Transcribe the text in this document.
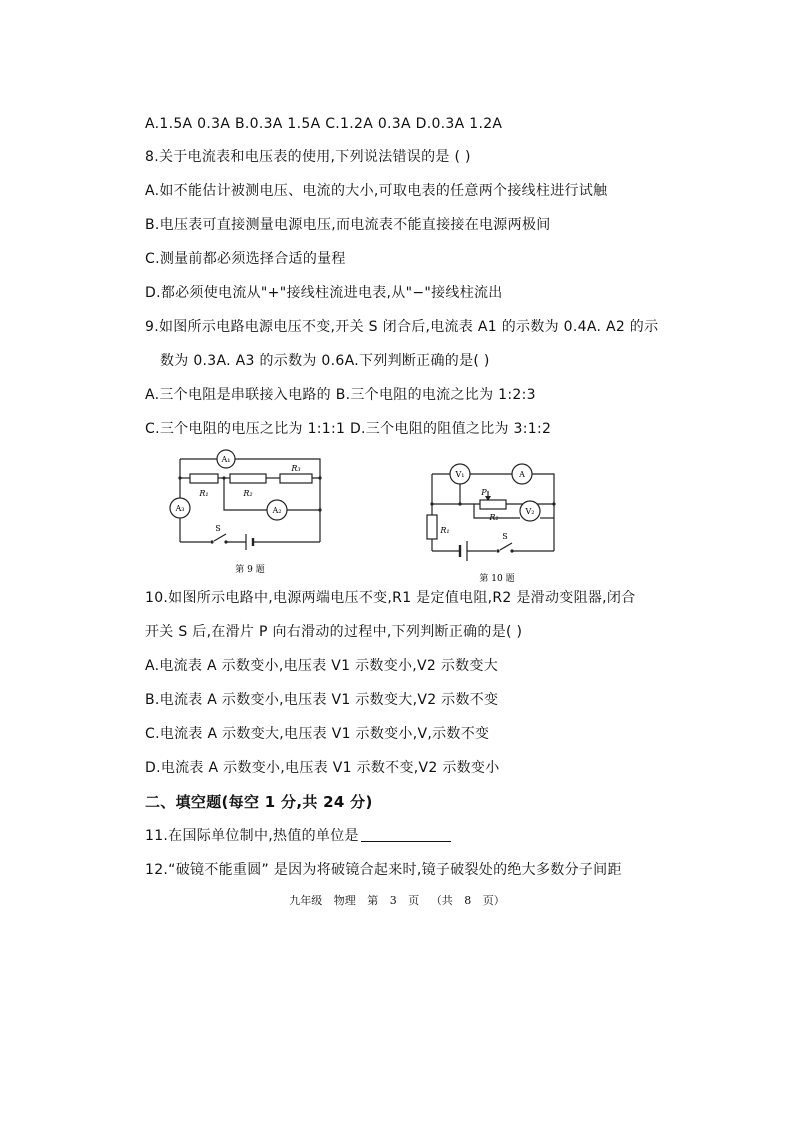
A.1.5A 0.3A B.0.3A 1.5A C.1.2A 0.3A D.0.3A 1.2A
8.关于电流表和电压表的使用,下列说法错误的是 ( )
A.如不能估计被测电压、电流的大小,可取电表的任意两个接线柱进行试触
B.电压表可直接测量电源电压,而电流表不能直接接在电源两极间
C.测量前都必须选择合适的量程
D.都必须使电流从"+"接线柱流进电表,从"−"接线柱流出
9.如图所示电路电源电压不变,开关 S 闭合后,电流表 A1 的示数为 0.4A. A2 的示
数为 0.3A. A3 的示数为 0.6A.下列判断正确的是( )
A.三个电阻是串联接入电路的 B.三个电阻的电流之比为 1:2:3
C.三个电阻的电压之比为 1:1:1 D.三个电阻的阻值之比为 3:1:2
A₁
A₂
A₃
R₁	R₂
R₃
S
第 9 题
V₁	A
V₂
P
R₂
R₁
S
第 10 题
10.如图所示电路中,电源两端电压不变,R1 是定值电阻,R2 是滑动变阻器,闭合
开关 S 后,在滑片 P 向右滑动的过程中,下列判断正确的是( )
A.电流表 A 示数变小,电压表 V1 示数变小,V2 示数变大
B.电流表 A 示数变小,电压表 V1 示数变大,V2 示数不变
C.电流表 A 示数变大,电压表 V1 示数变小,V,示数不变
D.电流表 A 示数变小,电压表 V1 示数不变,V2 示数变小
二、填空题(每空 1 分,共 24 分)
11.在国际单位制中,热值的单位是
12.“破镜不能重圆” 是因为将破镜合起来时,镜子破裂处的绝大多数分子间距
九年级 物理 第 3 页 （共 8 页）
